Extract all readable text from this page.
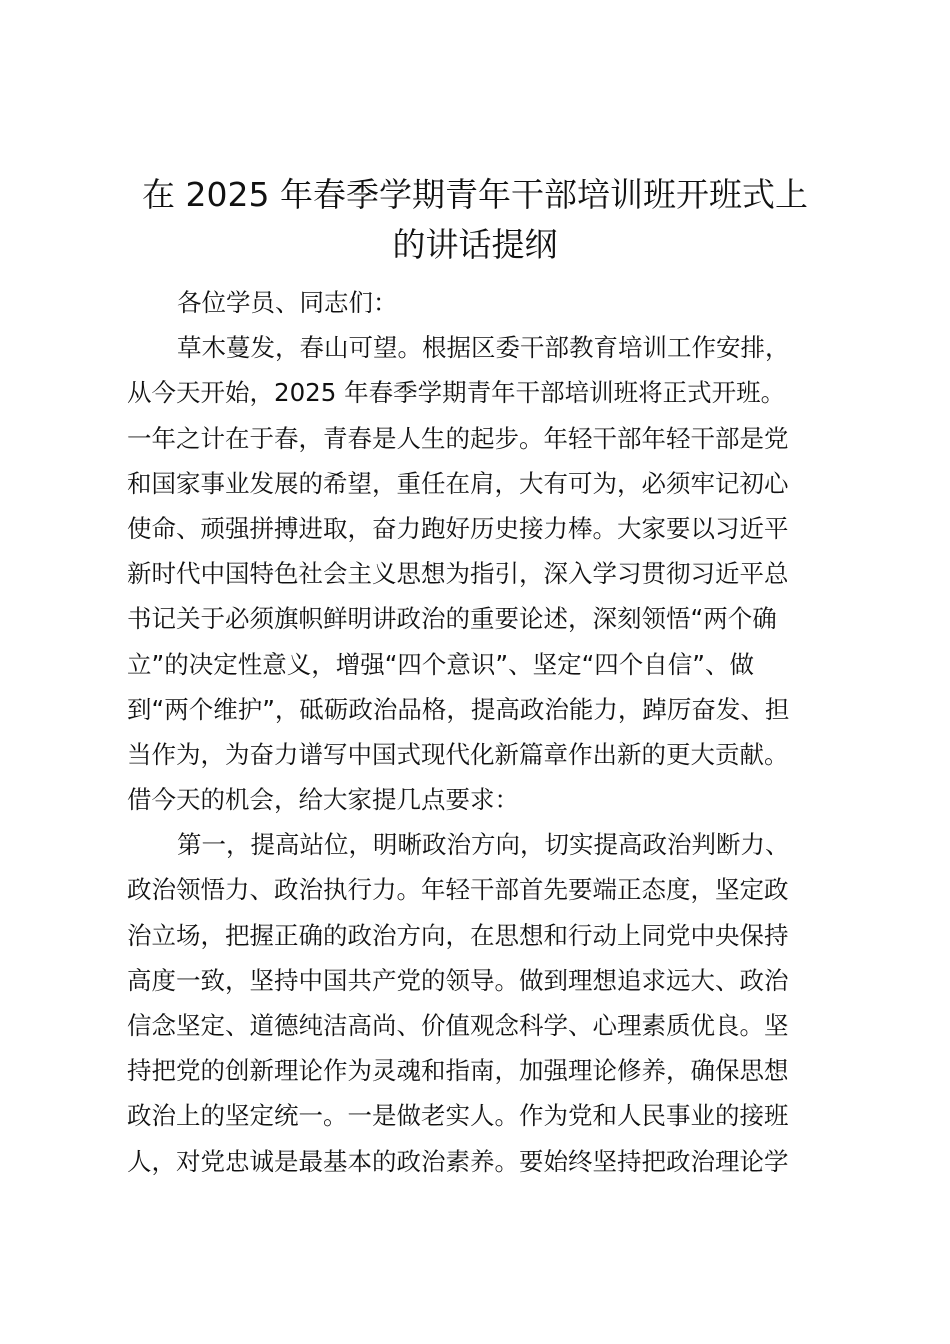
在 2025 年春季学期青年干部培训班开班式上
的讲话提纲
各位学员、同志们：
草木蔓发，春山可望。根据区委干部教育培训工作安排，
从今天开始，2025 年春季学期青年干部培训班将正式开班。
一年之计在于春，青春是人生的起步。年轻干部年轻干部是党
和国家事业发展的希望，重任在肩，大有可为，必须牢记初心
使命、顽强拼搏进取，奋力跑好历史接力棒。大家要以习近平
新时代中国特色社会主义思想为指引，深入学习贯彻习近平总
书记关于必须旗帜鲜明讲政治的重要论述，深刻领悟“两个确
立”的决定性意义，增强“四个意识”、坚定“四个自信”、做
到“两个维护”，砥砺政治品格，提高政治能力，踔厉奋发、担
当作为，为奋力谱写中国式现代化新篇章作出新的更大贡献。
借今天的机会，给大家提几点要求：
第一，提高站位，明晰政治方向，切实提高政治判断力、
政治领悟力、政治执行力。年轻干部首先要端正态度，坚定政
治立场，把握正确的政治方向，在思想和行动上同党中央保持
高度一致，坚持中国共产党的领导。做到理想追求远大、政治
信念坚定、道德纯洁高尚、价值观念科学、心理素质优良。坚
持把党的创新理论作为灵魂和指南，加强理论修养，确保思想
政治上的坚定统一。一是做老实人。作为党和人民事业的接班
人，对党忠诚是最基本的政治素养。要始终坚持把政治理论学
